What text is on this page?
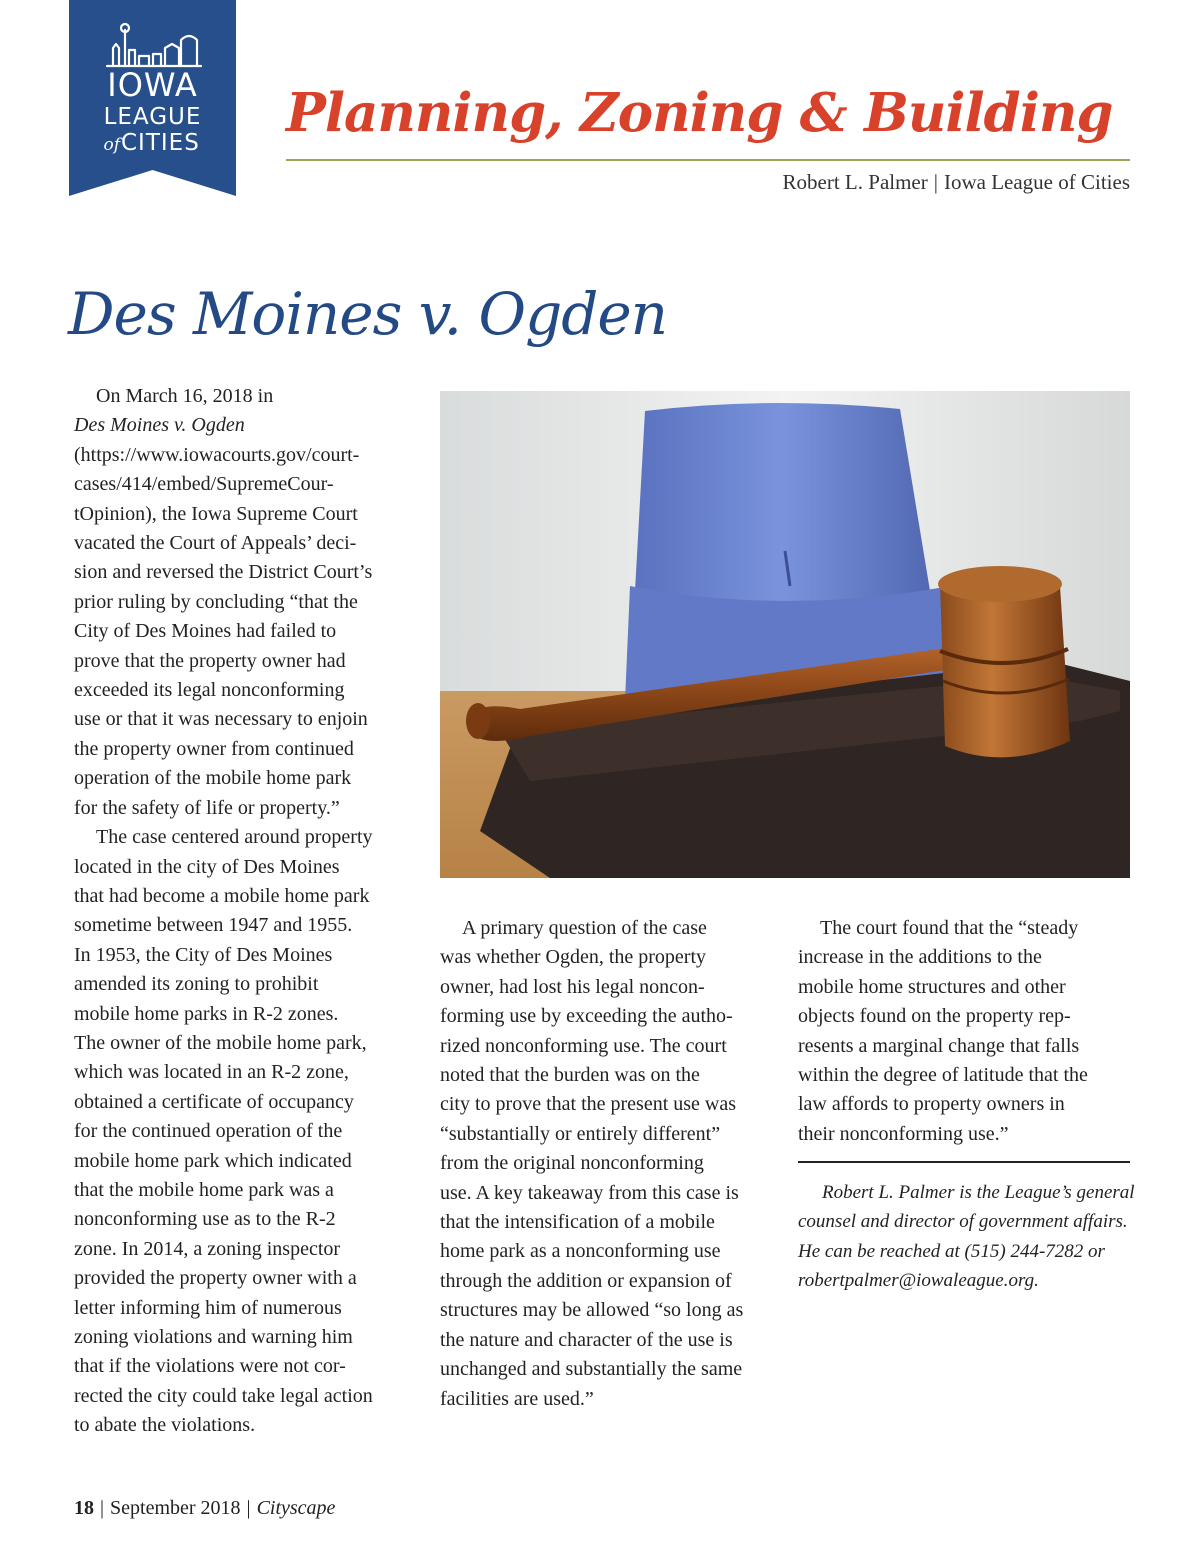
IOWA
LEAGUE
of CITIES Planning, Zoning & Building
Robert L. Palmer | Iowa League of Cities
Des Moines v. Ogden
On March 16, 2018 in
Des Moines v. Ogden
(https://www.iowacourts.gov/court-
cases/414/embed/SupremeCour-
tOpinion), the Iowa Supreme Court
vacated the Court of Appeals’ deci-
sion and reversed the District Court’s
prior ruling by concluding “that the
City of Des Moines had failed to
prove that the property owner had
exceeded its legal nonconforming
use or that it was necessary to enjoin
the property owner from continued
operation of the mobile home park
for the safety of life or property.”
The case centered around property
located in the city of Des Moines
that had become a mobile home park
sometime between 1947 and 1955.
In 1953, the City of Des Moines
amended its zoning to prohibit
mobile home parks in R-2 zones.
The owner of the mobile home park,
which was located in an R-2 zone,
obtained a certificate of occupancy
for the continued operation of the
mobile home park which indicated
that the mobile home park was a
nonconforming use as to the R-2
zone. In 2014, a zoning inspector
provided the property owner with a
letter informing him of numerous
zoning violations and warning him
that if the violations were not cor-
rected the city could take legal action
to abate the violations.
A primary question of the case
was whether Ogden, the property
owner, had lost his legal noncon-
forming use by exceeding the autho-
rized nonconforming use. The court
noted that the burden was on the
city to prove that the present use was
“substantially or entirely different”
from the original nonconforming
use. A key takeaway from this case is
that the intensification of a mobile
home park as a nonconforming use
through the addition or expansion of
structures may be allowed “so long as
the nature and character of the use is
unchanged and substantially the same
facilities are used.”
The court found that the “steady
increase in the additions to the
mobile home structures and other
objects found on the property rep-
resents a marginal change that falls
within the degree of latitude that the
law affords to property owners in
their nonconforming use.”
Robert L. Palmer is the League’s general
counsel and director of government affairs.
He can be reached at (515) 244-7282 or
robertpalmer@iowaleague.org.
18 | September 2018 | Cityscape
